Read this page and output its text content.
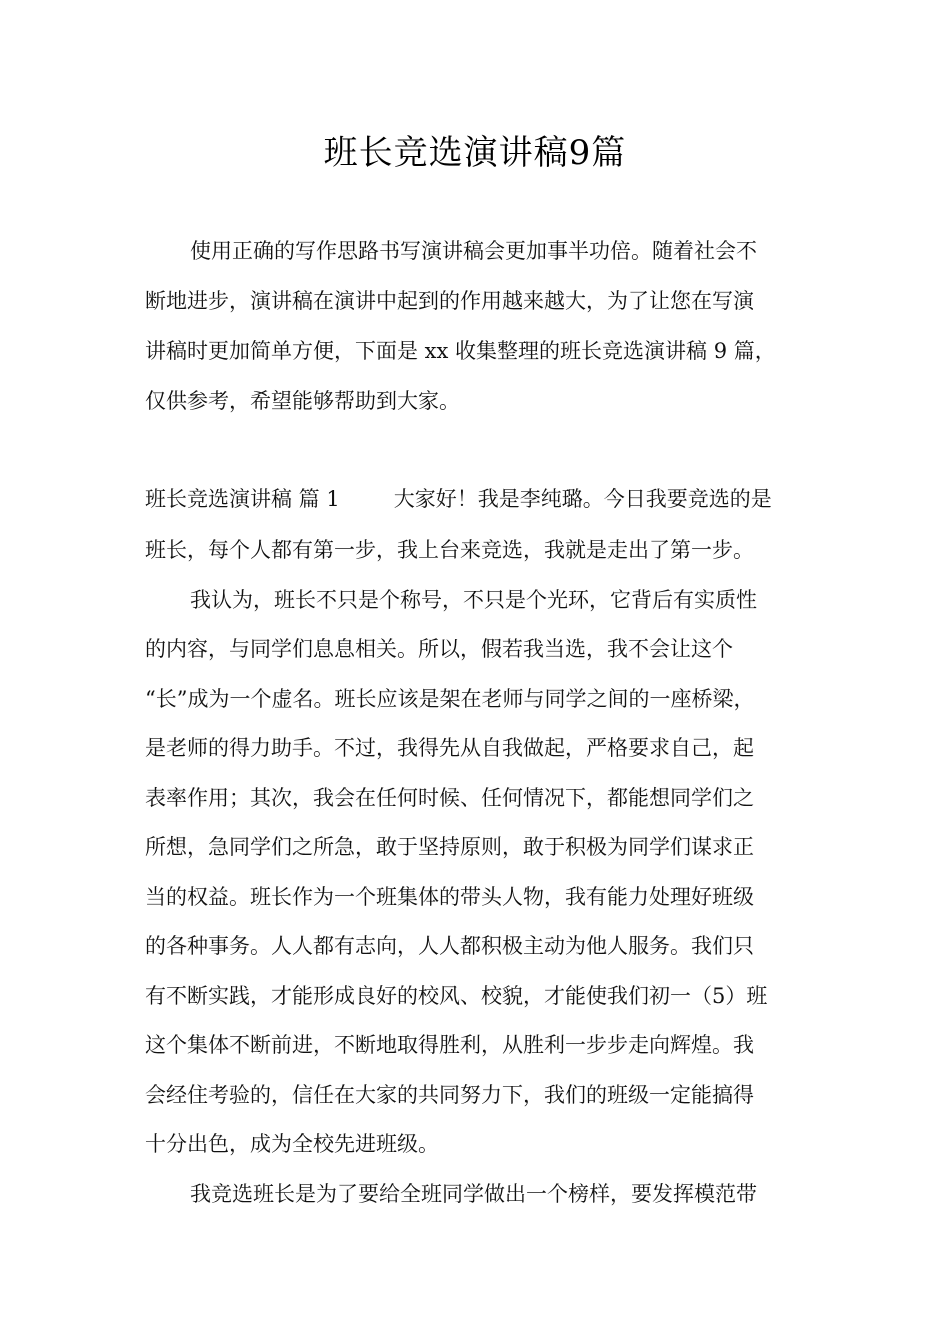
班长竞选演讲稿9篇
使用正确的写作思路书写演讲稿会更加事半功倍。随着社会不
断地进步，演讲稿在演讲中起到的作用越来越大，为了让您在写演
讲稿时更加简单方便，下面是 xx 收集整理的班长竞选演讲稿 9 篇，
仅供参考，希望能够帮助到大家。
班长竞选演讲稿 篇 1	大家好！我是李纯璐。今日我要竞选的是
班长，每个人都有第一步，我上台来竞选，我就是走出了第一步。
我认为，班长不只是个称号，不只是个光环，它背后有实质性
的内容，与同学们息息相关。所以，假若我当选，我不会让这个
“长”成为一个虚名。班长应该是架在老师与同学之间的一座桥梁，
是老师的得力助手。不过，我得先从自我做起，严格要求自己，起
表率作用；其次，我会在任何时候、任何情况下，都能想同学们之
所想，急同学们之所急，敢于坚持原则，敢于积极为同学们谋求正
当的权益。班长作为一个班集体的带头人物，我有能力处理好班级
的各种事务。人人都有志向，人人都积极主动为他人服务。我们只
有不断实践，才能形成良好的校风、校貌，才能使我们初一（5）班
这个集体不断前进，不断地取得胜利，从胜利一步步走向辉煌。我
会经住考验的，信任在大家的共同努力下，我们的班级一定能搞得
十分出色，成为全校先进班级。
我竞选班长是为了要给全班同学做出一个榜样，要发挥模范带
